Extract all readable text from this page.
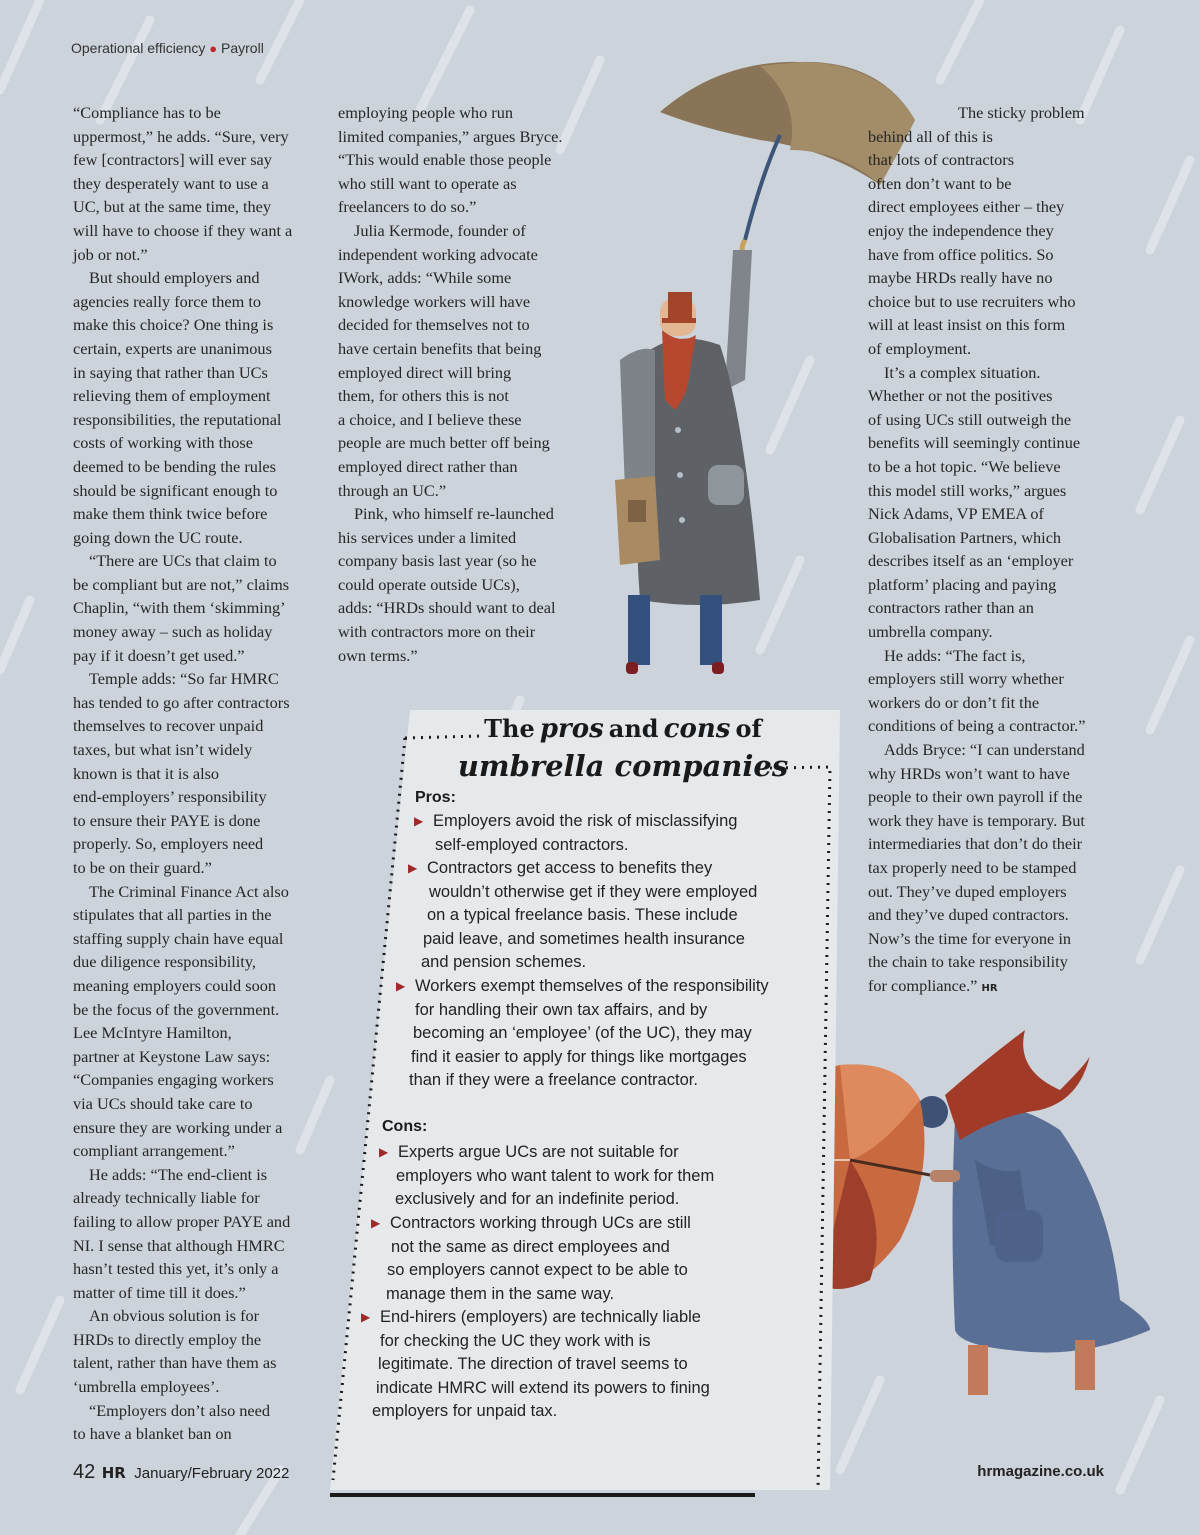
Operational efficiency ● Payroll

“Compliance has to be
uppermost,” he adds. “Sure, very
few [contractors] will ever say
they desperately want to use a
UC, but at the same time, they
will have to choose if they want a
job or not.”

But should employers and
agencies really force them to
make this choice? One thing is
certain, experts are unanimous
in saying that rather than UCs
relieving them of employment
responsibilities, the reputational
costs of working with those
deemed to be bending the rules
should be significant enough to
make them think twice before
going down the UC route.

“There are UCs that claim to
be compliant but are not,” claims
Chaplin, “with them ‘skimming’
money away – such as holiday
pay if it doesn’t get used.”

Temple adds: “So far HMRC
has tended to go after contractors
themselves to recover unpaid
taxes, but what isn’t widely
known is that it is also
end-employers’ responsibility
to ensure their PAYE is done
properly. So, employers need
to be on their guard.”

The Criminal Finance Act also
stipulates that all parties in the
staffing supply chain have equal
due diligence responsibility,
meaning employers could soon
be the focus of the government.
Lee McIntyre Hamilton,
partner at Keystone Law says:
“Companies engaging workers
via UCs should take care to
ensure they are working under a
compliant arrangement.”

He adds: “The end-client is
already technically liable for
failing to allow proper PAYE and
NI. I sense that although HMRC
hasn’t tested this yet, it’s only a
matter of time till it does.”

An obvious solution is for
HRDs to directly employ the
talent, rather than have them as
‘umbrella employees’.

“Employers don’t also need
to have a blanket ban on

employing people who run
limited companies,” argues Bryce.
“This would enable those people
who still want to operate as
freelancers to do so.”

Julia Kermode, founder of
independent working advocate
IWork, adds: “While some
knowledge workers will have
decided for themselves not to
have certain benefits that being
employed direct will bring
them, for others this is not
a choice, and I believe these
people are much better off being
employed direct rather than
through an UC.”

Pink, who himself re-launched
his services under a limited
company basis last year (so he
could operate outside UCs),
adds: “HRDs should want to deal
with contractors more on their
own terms.”

The sticky problem
behind all of this is
that lots of contractors
often don’t want to be
direct employees either – they
enjoy the independence they
have from office politics. So
maybe HRDs really have no
choice but to use recruiters who
will at least insist on this form
of employment.

It’s a complex situation.
Whether or not the positives
of using UCs still outweigh the
benefits will seemingly continue
to be a hot topic. “We believe
this model still works,” argues
Nick Adams, VP EMEA of
Globalisation Partners, which
describes itself as an ‘employer
platform’ placing and paying
contractors rather than an
umbrella company.

He adds: “The fact is,
employers still worry whether
workers do or don’t fit the
conditions of being a contractor.”

Adds Bryce: “I can understand
why HRDs won’t want to have
people to their own payroll if the
work they have is temporary. But
intermediaries that don’t do their
tax properly need to be stamped
out. They’ve duped employers
and they’ve duped contractors.
Now’s the time for everyone in
the chain to take responsibility
for compliance.” HR

The pros and cons of
umbrella companies
Pros:
▶ Employers avoid the risk of misclassifying
self-employed contractors.
▶ Contractors get access to benefits they
wouldn’t otherwise get if they were employed
on a typical freelance basis. These include
paid leave, and sometimes health insurance
and pension schemes.
▶ Workers exempt themselves of the responsibility
for handling their own tax affairs, and by
becoming an ‘employee’ (of the UC), they may
find it easier to apply for things like mortgages
than if they were a freelance contractor.
Cons:
▶ Experts argue UCs are not suitable for
employers who want talent to work for them
exclusively and for an indefinite period.
▶ Contractors working through UCs are still
not the same as direct employees and
so employers cannot expect to be able to
manage them in the same way.
▶ End-hirers (employers) are technically liable
for checking the UC they work with is
legitimate. The direction of travel seems to
indicate HMRC will extend its powers to fining
employers for unpaid tax.
42 HR January/February 2022	hrmagazine.co.uk
